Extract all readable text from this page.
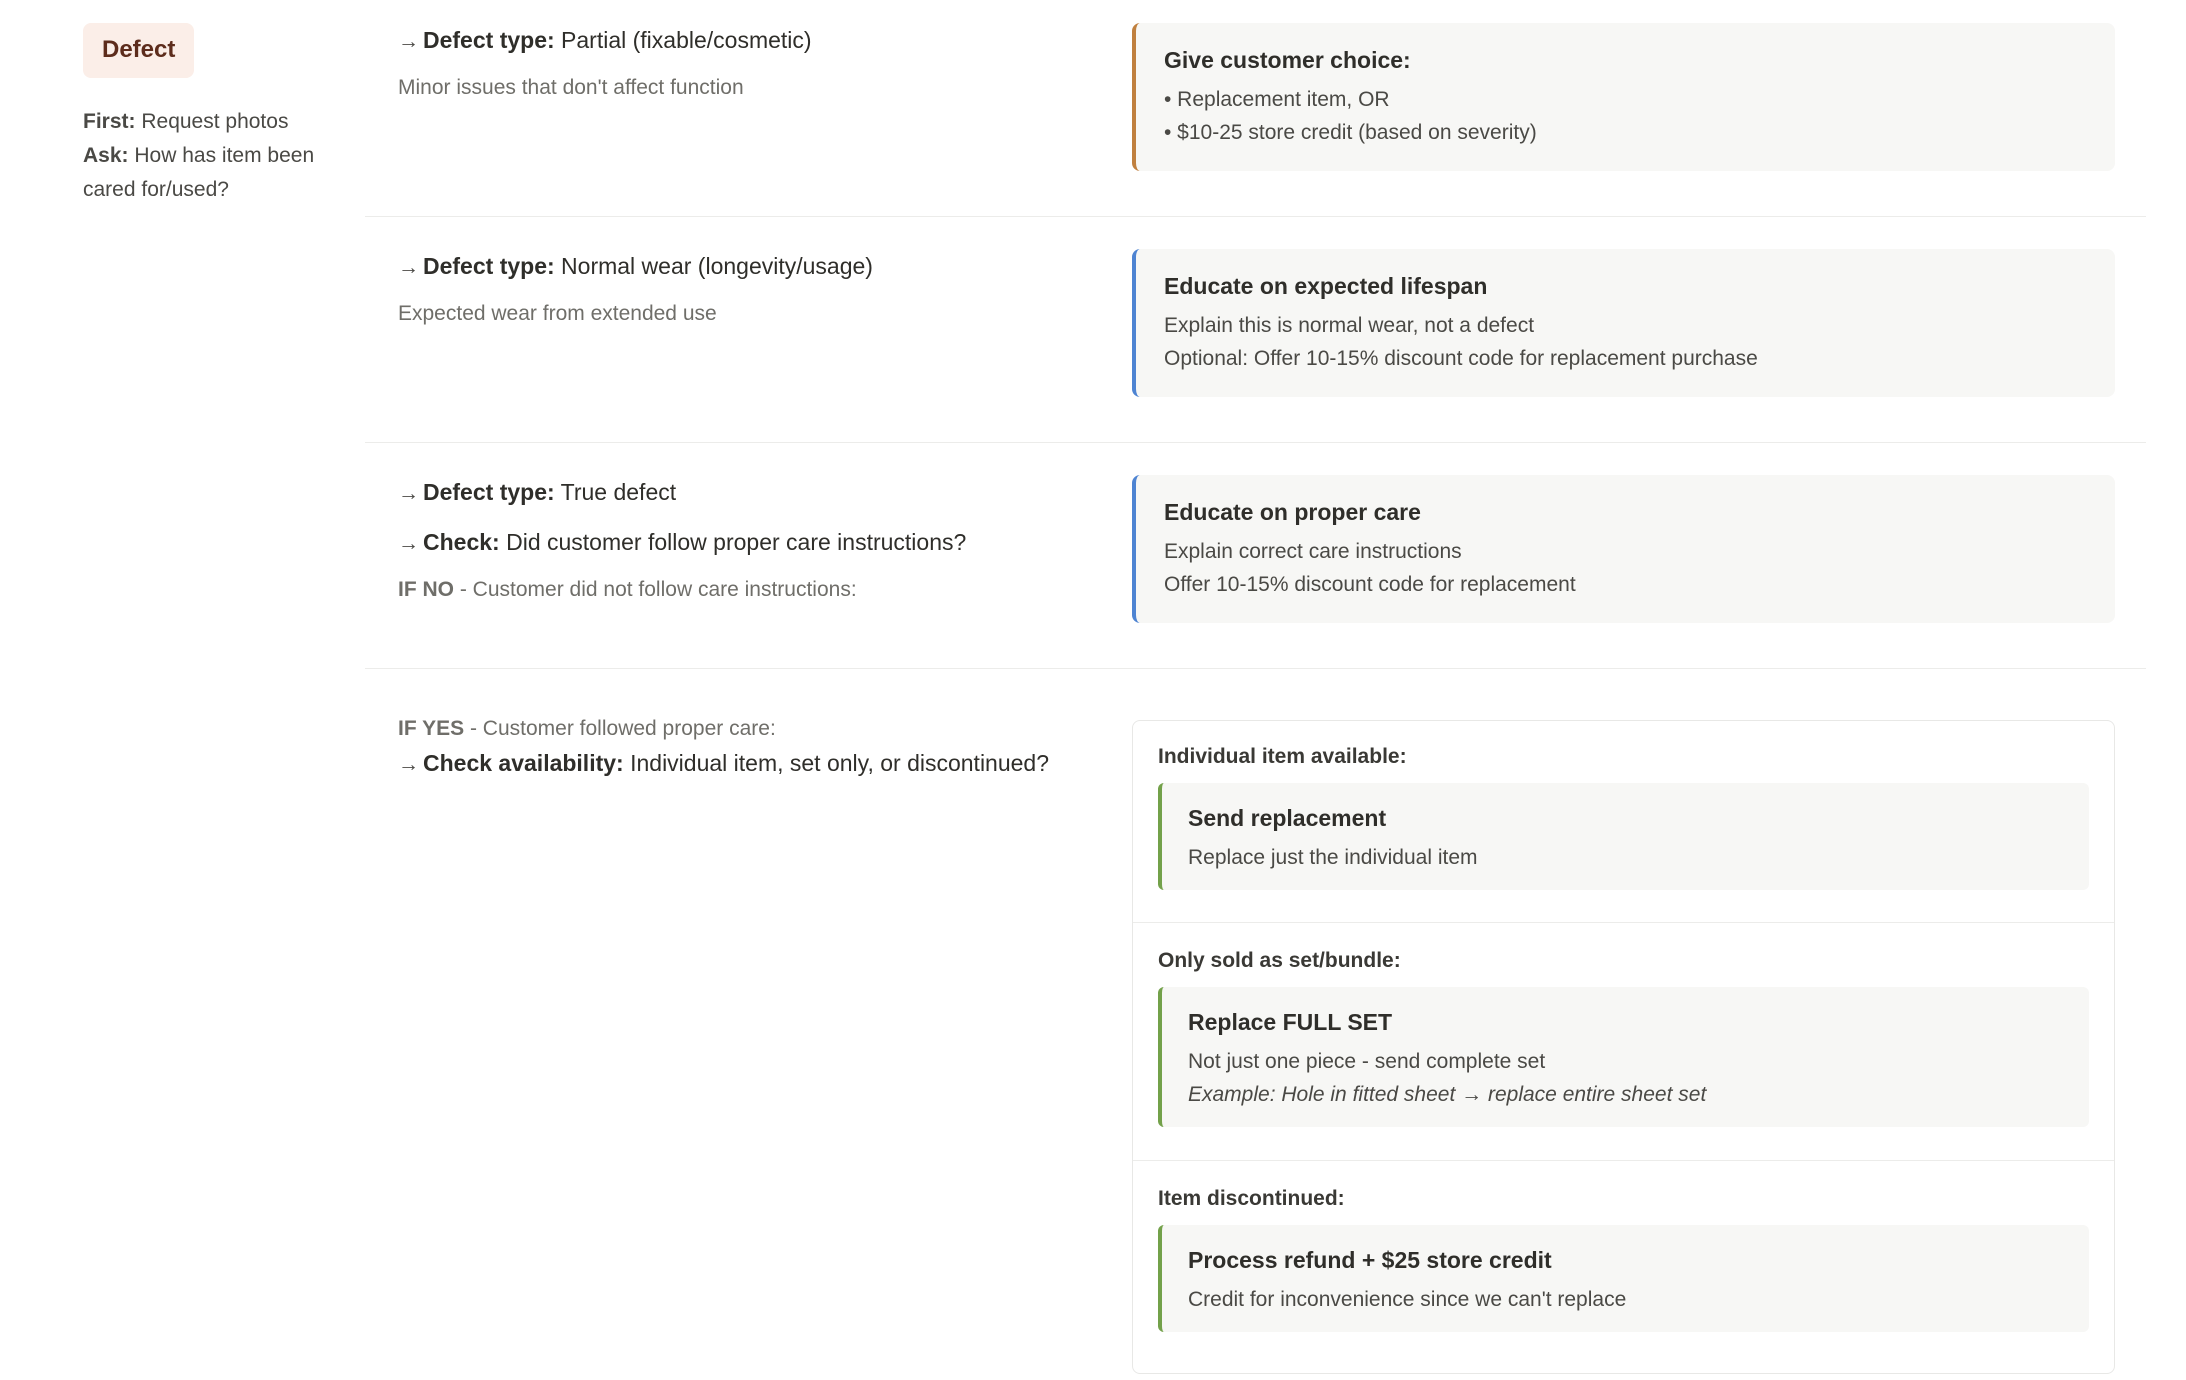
Defect
First: Request photos
Ask: How has item been cared for/used?
→ Defect type: Partial (fixable/cosmetic)
Minor issues that don't affect function
Give customer choice:
• Replacement item, OR
• $10-25 store credit (based on severity)
→ Defect type: Normal wear (longevity/usage)
Expected wear from extended use
Educate on expected lifespan
Explain this is normal wear, not a defect
Optional: Offer 10-15% discount code for replacement purchase
→ Defect type: True defect
→ Check: Did customer follow proper care instructions?
IF NO - Customer did not follow care instructions:
Educate on proper care
Explain correct care instructions
Offer 10-15% discount code for replacement
IF YES - Customer followed proper care:
→ Check availability: Individual item, set only, or discontinued?	Individual item available:
Send replacement
Replace just the individual item
Only sold as set/bundle:
Replace FULL SET
Not just one piece - send complete set
Example: Hole in fitted sheet → replace entire sheet set
Item discontinued:
Process refund + $25 store credit
Credit for inconvenience since we can't replace
